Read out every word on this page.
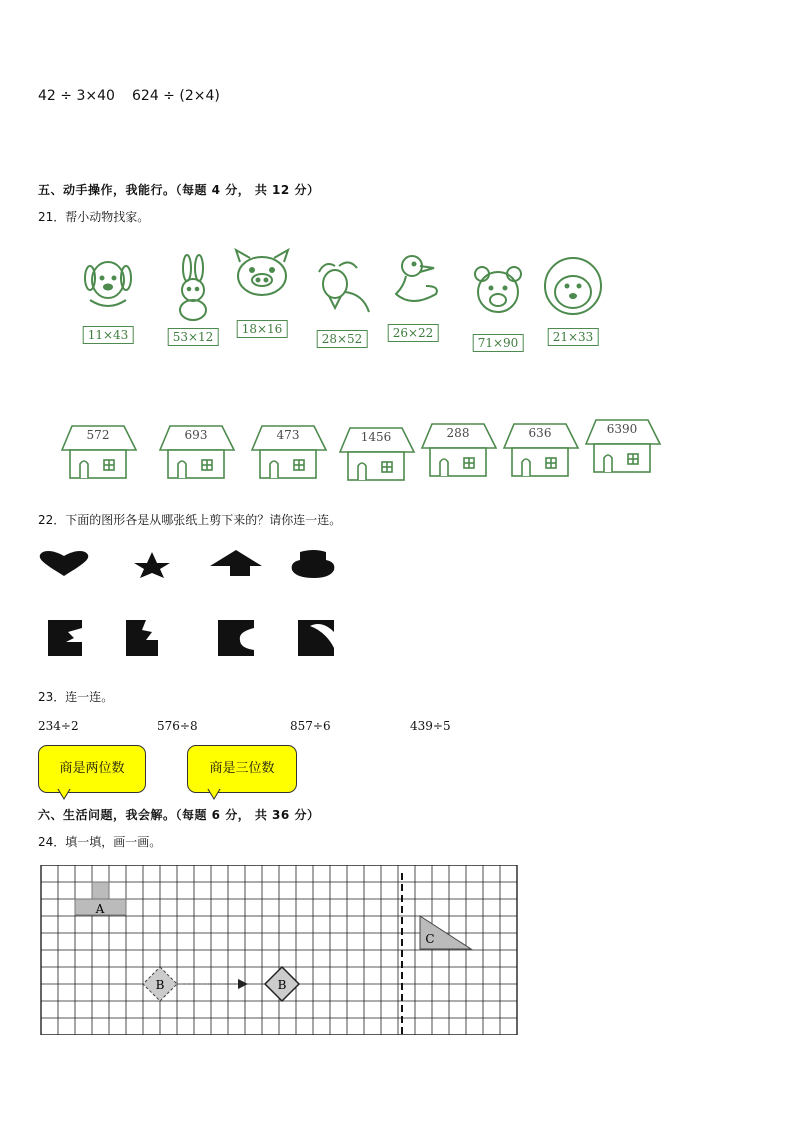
42 ÷ 3×40 624 ÷ (2×4)
五、动手操作，我能行。（每题 4 分， 共 12 分）
21．帮小动物找家。
11×43	53×12
18×16
28×52	26×22
71×90	21×33
572	693	473	1456	288	636	6390
22．下面的图形各是从哪张纸上剪下来的？请你连一连。
23．连一连。
234÷2	576÷8	857÷6	439÷5
商是两位数	商是三位数
六、生活问题，我会解。（每题 6 分， 共 36 分）
24．填一填，画一画。
A
B	B
C
